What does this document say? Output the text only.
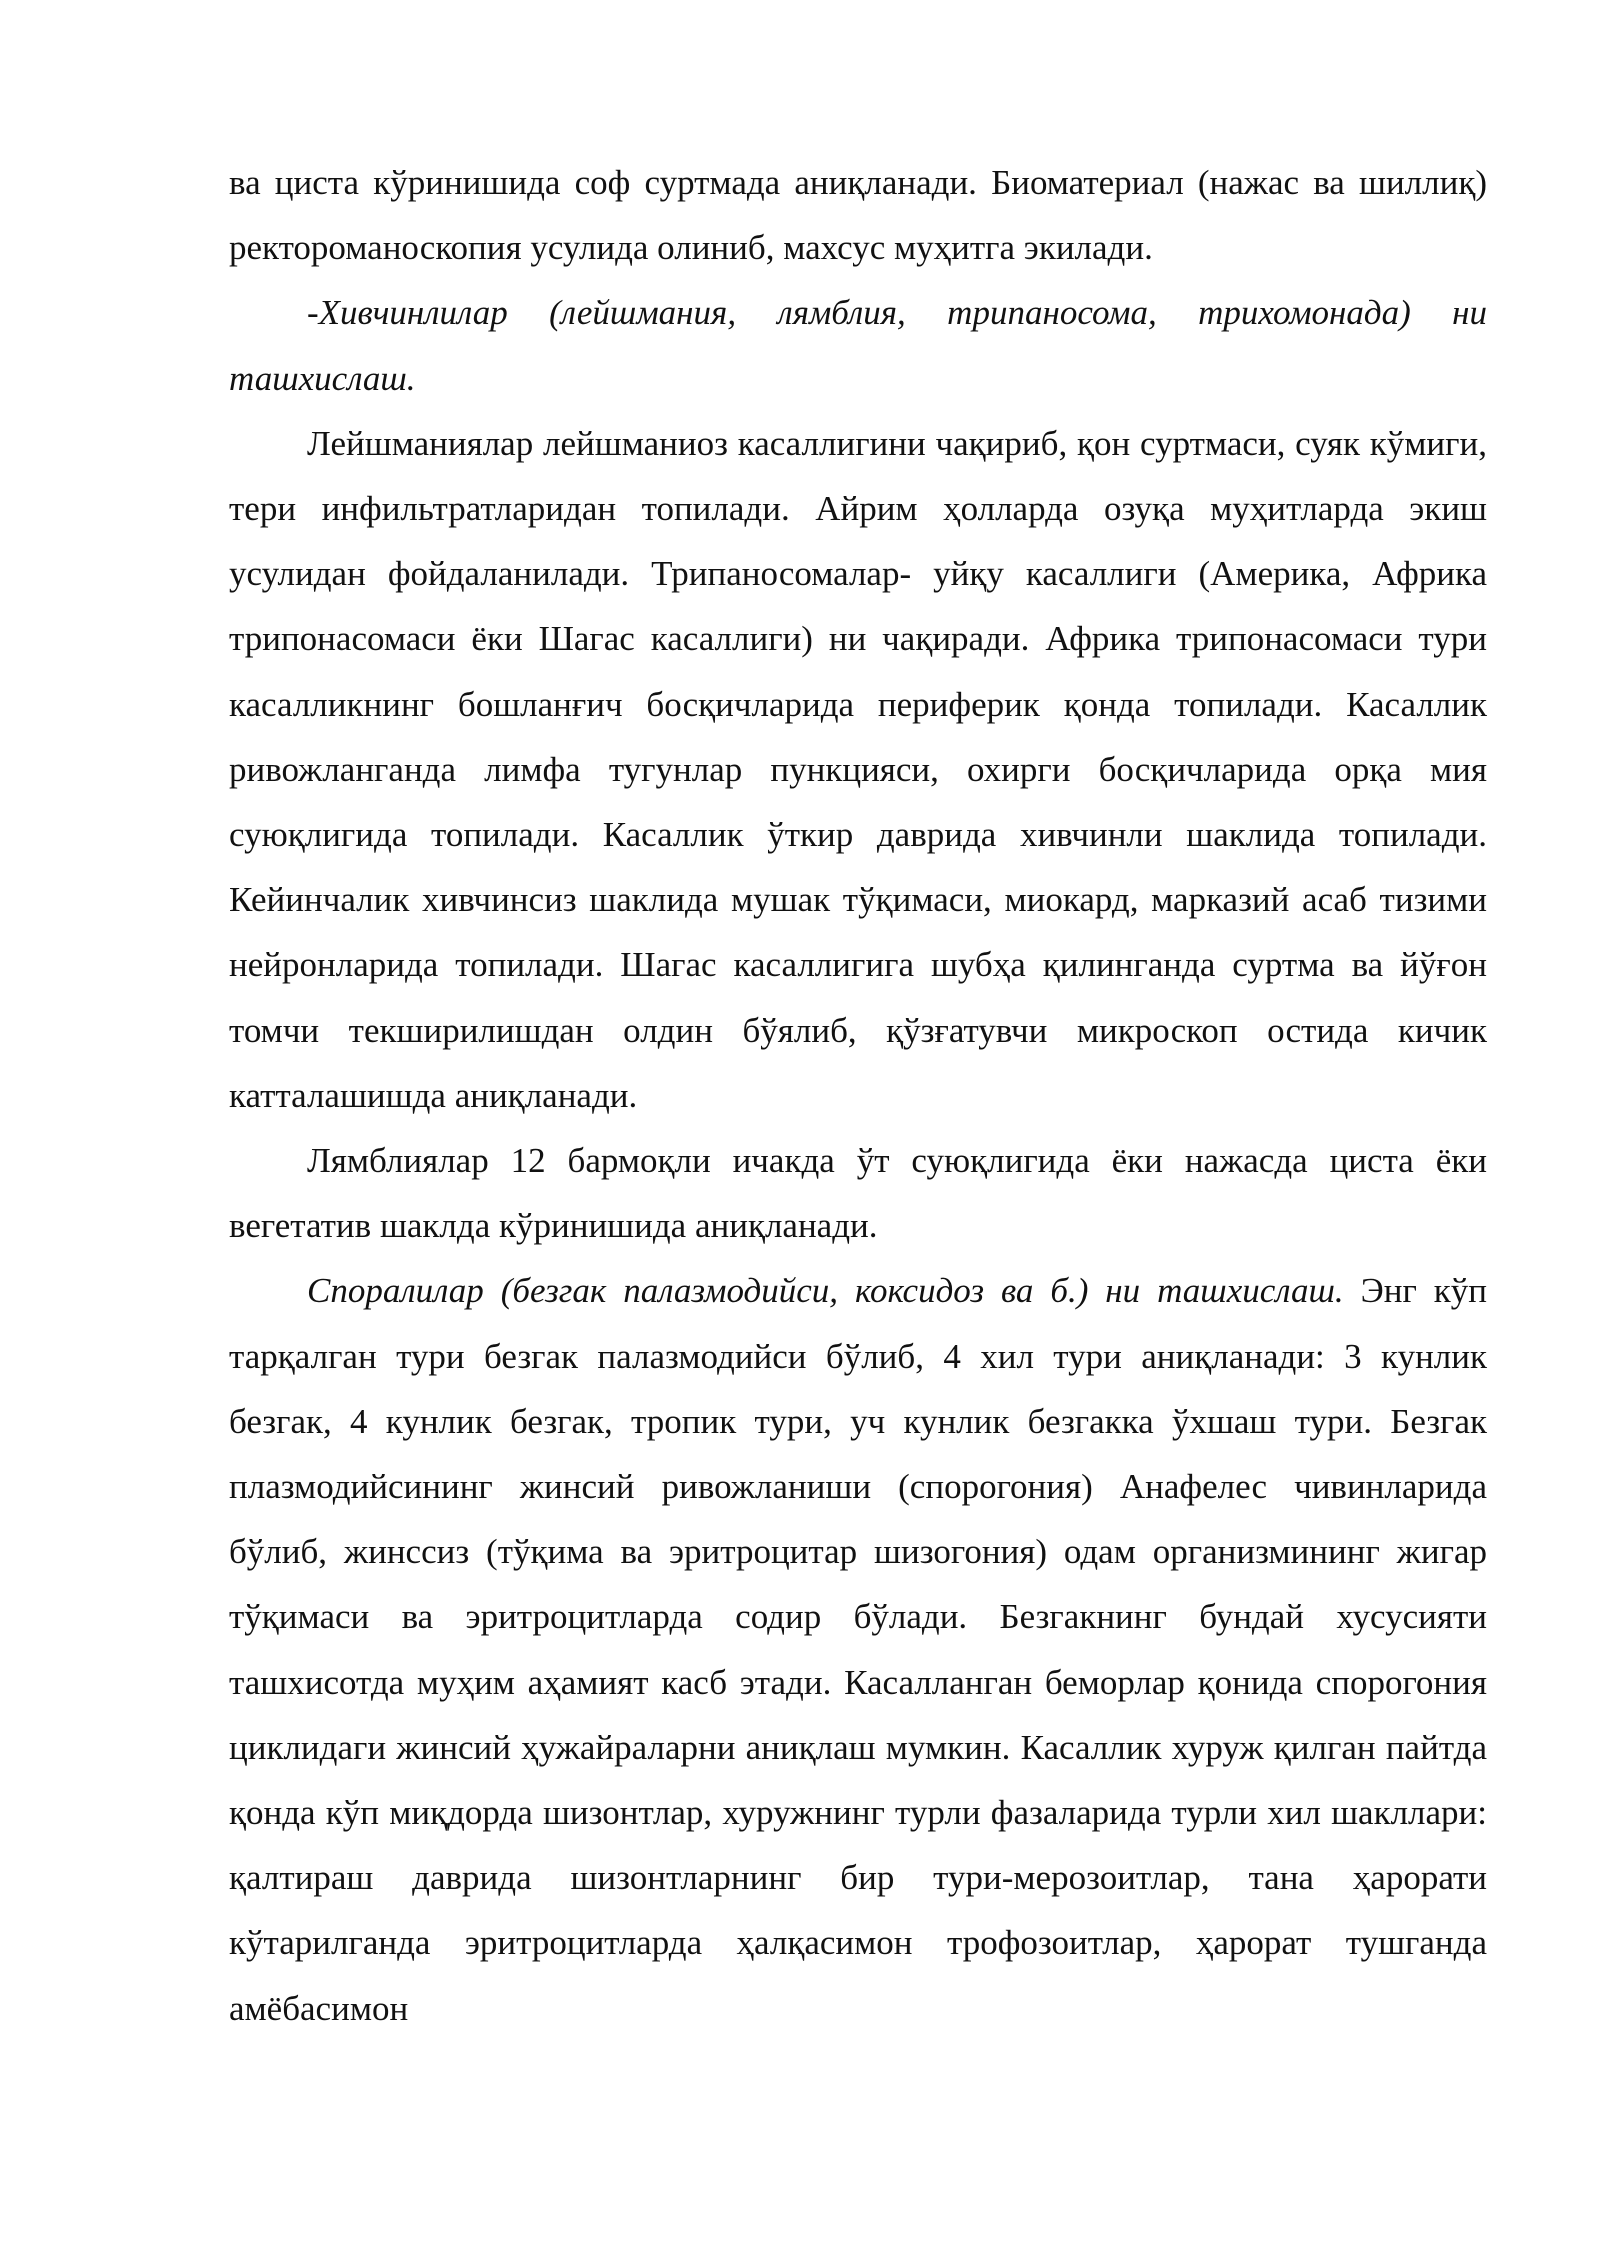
ва циста кўринишида соф суртмада аниқланади. Биоматериал (нажас ва шиллиқ) ректороманоскопия усулида олиниб, махсус муҳитга экилади.

-Хивчинлилар (лейшмания, лямблия, трипаносома, трихомонада) ни ташхислаш.

Лейшманиялар лейшманиоз касаллигини чақириб, қон суртмаси, суяк кўмиги, тери инфильтратларидан топилади. Айрим ҳолларда озуқа муҳитларда экиш усулидан фойдаланилади. Трипаносомалар- уйқу касаллиги (Америка, Африка трипонасомаси ёки Шагас касаллиги) ни чақиради. Африка трипонасомаси тури касалликнинг бошланғич босқичларида периферик қонда топилади. Касаллик ривожланганда лимфа тугунлар пункцияси, охирги босқичларида орқа мия суюқлигида топилади. Касаллик ўткир даврида хивчинли шаклида топилади. Кейинчалик хивчинсиз шаклида мушак тўқимаси, миокард, марказий асаб тизими нейронларида топилади. Шагас касаллигига шубҳа қилинганда суртма ва йўғон томчи текширилишдан олдин бўялиб, қўзғатувчи микроскоп остида кичик катталашишда аниқланади.

Лямблиялар 12 бармоқли ичакда ўт суюқлигида ёки нажасда циста ёки вегетатив шаклда кўринишида аниқланади.

Споралилар (безгак палазмодийси, коксидоз ва б.) ни ташхислаш. Энг кўп тарқалган тури безгак палазмодийси бўлиб, 4 хил тури аниқланади: 3 кунлик безгак, 4 кунлик безгак, тропик тури, уч кунлик безгакка ўхшаш тури. Безгак плазмодийсининг жинсий ривожланиши (спорогония) Анафелес чивинларида бўлиб, жинссиз (тўқима ва эритроцитар шизогония) одам организмининг жигар тўқимаси ва эритроцитларда содир бўлади. Безгакнинг бундай хусусияти ташхисотда муҳим аҳамият касб этади. Касалланган беморлар қонида спорогония циклидаги жинсий ҳужайраларни аниқлаш мумкин. Касаллик хуруж қилган пайтда қонда кўп миқдорда шизонтлар, хуружнинг турли фазаларида турли хил шакллари: қалтираш даврида шизонтларнинг бир тури-мерозоитлар, тана ҳарорати кўтарилганда эритроцитларда ҳалқасимон трофозоитлар, ҳарорат тушганда амёбасимон
